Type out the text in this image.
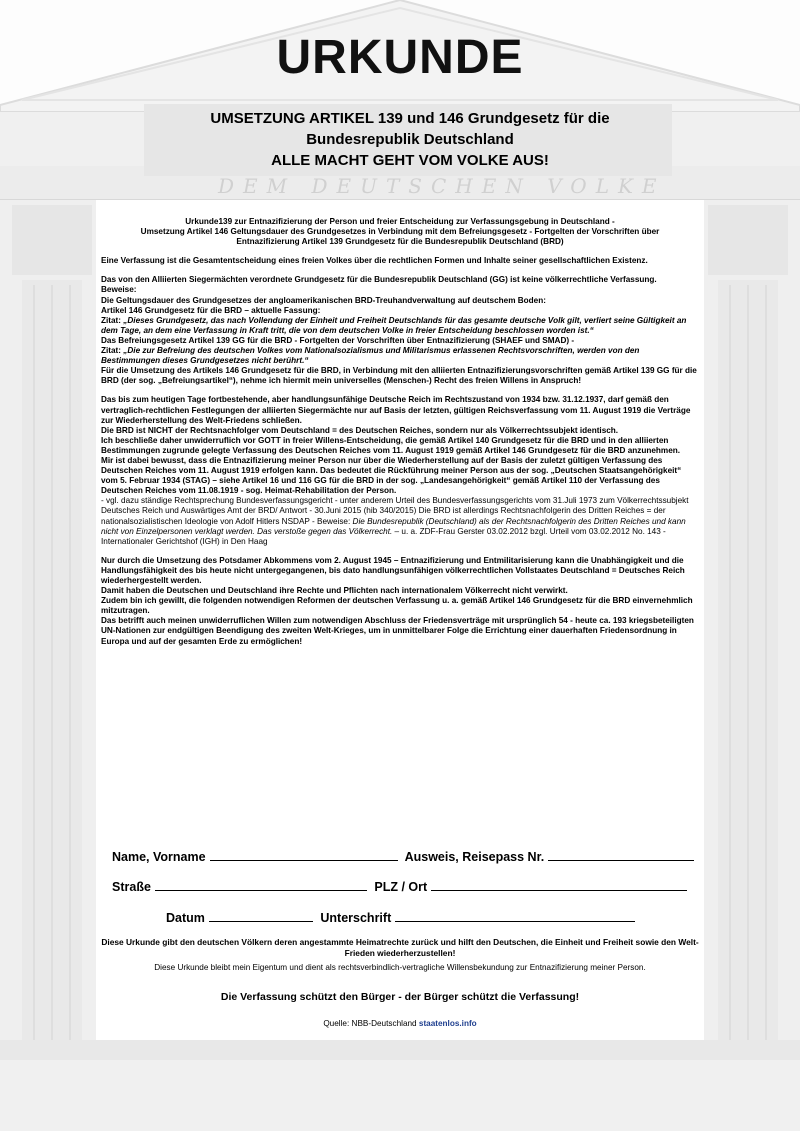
URKUNDE
UMSETZUNG ARTIKEL 139 und 146 Grundgesetz für die
Bundesrepublik Deutschland
ALLE MACHT GEHT VOM VOLKE AUS!
DEM DEUTSCHEN VOLKE

Urkunde139 zur Entnazifizierung der Person und freier Entscheidung zur Verfassungsgebung in Deutschland -

Umsetzung Artikel 146 Geltungsdauer des Grundgesetzes in Verbindung mit dem Befreiungsgesetz - Fortgelten der Vorschriften über

Entnazifizierung Artikel 139 Grundgesetz für die Bundesrepublik Deutschland (BRD)

Eine Verfassung ist die Gesamtentscheidung eines freien Volkes über die rechtlichen Formen und Inhalte seiner gesellschaftlichen Existenz.

Das von den Alliierten Siegermächten verordnete Grundgesetz für die Bundesrepublik Deutschland (GG) ist keine völkerrechtliche Verfassung.

Beweise:

Die Geltungsdauer des Grundgesetzes der angloamerikanischen BRD-Treuhandverwaltung auf deutschem Boden:

Artikel 146 Grundgesetz für die BRD – aktuelle Fassung:

Zitat: „Dieses Grundgesetz, das nach Vollendung der Einheit und Freiheit Deutschlands für das gesamte deutsche Volk gilt, verliert seine Gültigkeit an dem Tage, an dem eine Verfassung in Kraft tritt, die von dem deutschen Volke in freier Entscheidung beschlossen worden ist.“

Das Befreiungsgesetz Artikel 139 GG für die BRD - Fortgelten der Vorschriften über Entnazifizierung (SHAEF und SMAD) -

Zitat: „Die zur Befreiung des deutschen Volkes vom Nationalsozialismus und Militarismus erlassenen Rechtsvorschriften, werden von den Bestimmungen dieses Grundgesetzes nicht berührt.“

Für die Umsetzung des Artikels 146 Grundgesetz für die BRD, in Verbindung mit den alliierten Entnazifizierungsvorschriften gemäß Artikel 139 GG für die BRD (der sog. „Befreiungsartikel“), nehme ich hiermit mein universelles (Menschen-) Recht des freien Willens in Anspruch!

Das bis zum heutigen Tage fortbestehende, aber handlungsunfähige Deutsche Reich im Rechtszustand von 1934 bzw. 31.12.1937, darf gemäß den vertraglich-rechtlichen Festlegungen der alliierten Siegermächte nur auf Basis der letzten, gültigen Reichsverfassung vom 11. August 1919 die Verträge zur Wiederherstellung des Welt-Friedens schließen.

Die BRD ist NICHT der Rechtsnachfolger vom Deutschland = des Deutschen Reiches, sondern nur als Völkerrechtssubjekt identisch.

Ich beschließe daher unwiderruflich vor GOTT in freier Willens-Entscheidung, die gemäß Artikel 140 Grundgesetz für die BRD und in den alliierten Bestimmungen zugrunde gelegte Verfassung des Deutschen Reiches vom 11. August 1919 gemäß Artikel 146 Grundgesetz für die BRD anzunehmen.

Mir ist dabei bewusst, dass die Entnazifizierung meiner Person nur über die Wiederherstellung auf der Basis der zuletzt gültigen Verfassung des Deutschen Reiches vom 11. August 1919 erfolgen kann. Das bedeutet die Rückführung meiner Person aus der sog. „Deutschen Staatsangehörigkeit“ vom 5. Februar 1934 (STAG) – siehe Artikel 16 und 116 GG für die BRD in der sog. „Landesangehörigkeit“ gemäß Artikel 110 der Verfassung des Deutschen Reiches vom 11.08.1919 - sog. Heimat-Rehabilitation der Person.

- vgl. dazu ständige Rechtsprechung Bundesverfassungsgericht - unter anderem Urteil des Bundesverfassungsgerichts vom 31.Juli 1973 zum Völkerrechtssubjekt Deutsches Reich und Auswärtiges Amt der BRD/ Antwort - 30.Juni 2015 (hib 340/2015) Die BRD ist allerdings Rechtsnachfolgerin des Dritten Reiches = der nationalsozialistischen Ideologie von Adolf Hitlers NSDAP - Beweise: Die Bundesrepublik (Deutschland) als der Rechtsnachfolgerin des Dritten Reiches und kann nicht von Einzelpersonen verklagt werden. Das verstoße gegen das Völkerrecht. – u. a. ZDF-Frau Gerster 03.02.2012 bzgl. Urteil vom 03.02.2012 No. 143 - Internationaler Gerichtshof (IGH) in Den Haag

Nur durch die Umsetzung des Potsdamer Abkommens vom 2. August 1945 – Entnazifizierung und Entmilitarisierung kann die Unabhängigkeit und die Handlungsfähigkeit des bis heute nicht untergegangenen, bis dato handlungsunfähigen völkerrechtlichen Vollstaates Deutschland = Deutsches Reich wiederhergestellt werden.

Damit haben die Deutschen und Deutschland ihre Rechte und Pflichten nach internationalem Völkerrecht nicht verwirkt.

Zudem bin ich gewillt, die folgenden notwendigen Reformen der deutschen Verfassung u. a. gemäß Artikel 146 Grundgesetz für die BRD einvernehmlich mitzutragen.

Das betrifft auch meinen unwiderruflichen Willen zum notwendigen Abschluss der Friedensverträge mit ursprünglich 54 - heute ca. 193 kriegsbeteiligten UN-Nationen zur endgültigen Beendigung des zweiten Welt-Krieges, um in unmittelbarer Folge die Errichtung einer dauerhaften Friedensordnung in Europa und auf der gesamten Erde zu ermöglichen!

Name, Vorname	Ausweis, Reisepass Nr.
Straße	PLZ / Ort
Datum	Unterschrift
Diese Urkunde gibt den deutschen Völkern deren angestammte Heimatrechte zurück und hilft den Deutschen, die Einheit und Freiheit sowie den Welt-Frieden wiederherzustellen!
Diese Urkunde bleibt mein Eigentum und dient als rechtsverbindlich-vertragliche Willensbekundung zur Entnazifizierung meiner Person.
Die Verfassung schützt den Bürger - der Bürger schützt die Verfassung!
Quelle: NBB-Deutschland staatenlos.info
